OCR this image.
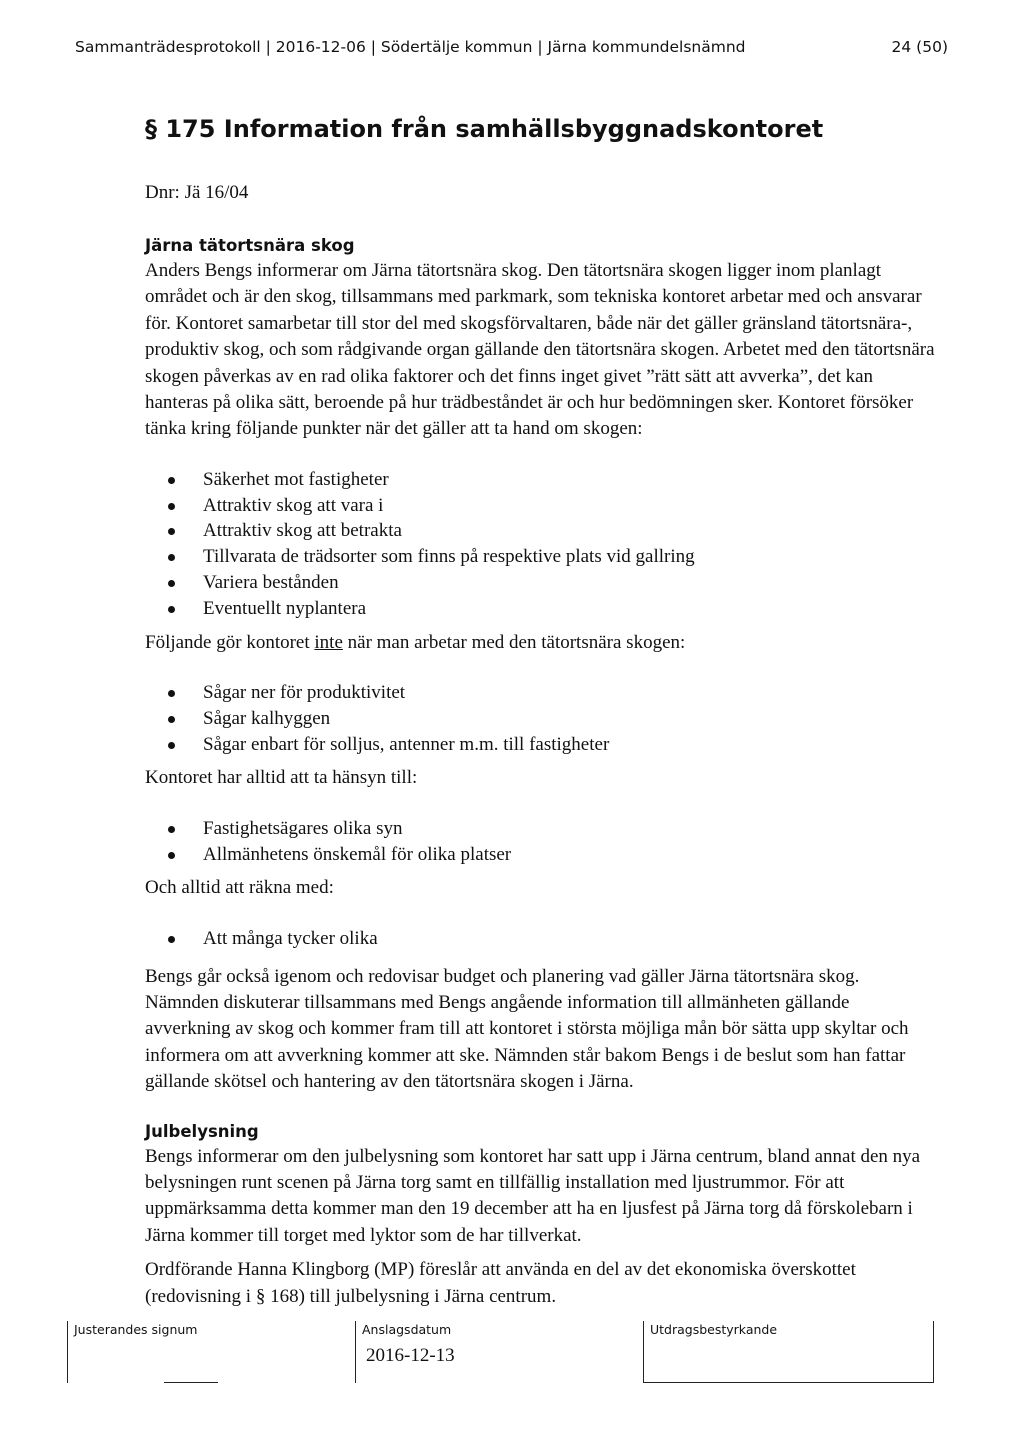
Sammanträdesprotokoll | 2016-12-06 | Södertälje kommun | Järna kommundelsnämnd	24 (50)
§ 175 Information från samhällsbyggnadskontoret
Dnr: Jä 16/04

Järna tätortsnära skog

Anders Bengs informerar om Järna tätortsnära skog. Den tätortsnära skogen ligger inom planlagt området och är den skog, tillsammans med parkmark, som tekniska kontoret arbetar med och ansvarar för. Kontoret samarbetar till stor del med skogsförvaltaren, både när det gäller gränsland tätortsnära-, produktiv skog, och som rådgivande organ gällande den tätortsnära skogen. Arbetet med den tätortsnära skogen påverkas av en rad olika faktorer och det finns inget givet ”rätt sätt att avverka”, det kan hanteras på olika sätt, beroende på hur trädbeståndet är och hur bedömningen sker. Kontoret försöker tänka kring följande punkter när det gäller att ta hand om skogen:

Säkerhet mot fastigheter
Attraktiv skog att vara i
Attraktiv skog att betrakta
Tillvarata de trädsorter som finns på respektive plats vid gallring
Variera bestånden
Eventuellt nyplantera

Följande gör kontoret inte när man arbetar med den tätortsnära skogen:

Sågar ner för produktivitet
Sågar kalhyggen
Sågar enbart för solljus, antenner m.m. till fastigheter

Kontoret har alltid att ta hänsyn till:

Fastighetsägares olika syn
Allmänhetens önskemål för olika platser

Och alltid att räkna med:

Att många tycker olika

Bengs går också igenom och redovisar budget och planering vad gäller Järna tätortsnära skog. Nämnden diskuterar tillsammans med Bengs angående information till allmänheten gällande avverkning av skog och kommer fram till att kontoret i största möjliga mån bör sätta upp skyltar och informera om att avverkning kommer att ske. Nämnden står bakom Bengs i de beslut som han fattar gällande skötsel och hantering av den tätortsnära skogen i Järna.

Julbelysning

Bengs informerar om den julbelysning som kontoret har satt upp i Järna centrum, bland annat den nya belysningen runt scenen på Järna torg samt en tillfällig installation med ljustrummor. För att uppmärksamma detta kommer man den 19 december att ha en ljusfest på Järna torg då förskolebarn i Järna kommer till torget med lyktor som de har tillverkat.

Ordförande Hanna Klingborg (MP) föreslår att använda en del av det ekonomiska överskottet (redovisning i § 168) till julbelysning i Järna centrum.

Justerandes signum	Anslagsdatum
2016-12-13
Utdragsbestyrkande
